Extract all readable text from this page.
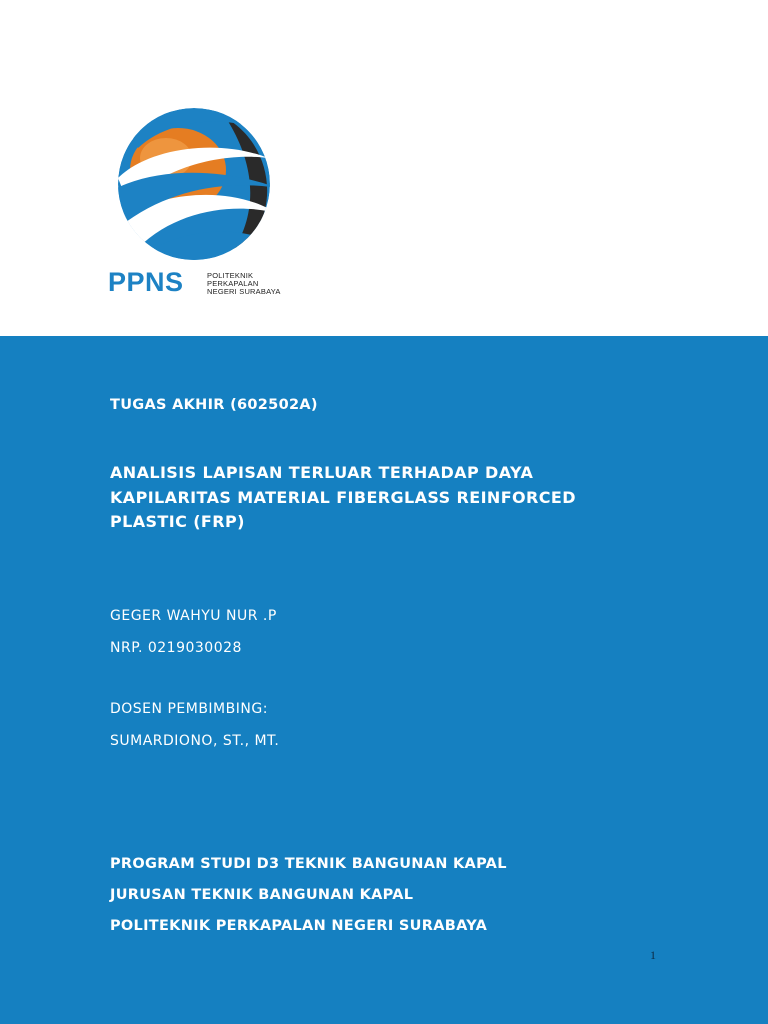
PPNS	POLITEKNIK
PERKAPALAN
NEGERI SURABAYA
TUGAS AKHIR (602502A)
ANALISIS LAPISAN TERLUAR TERHADAP DAYA KAPILARITAS MATERIAL FIBERGLASS REINFORCED PLASTIC (FRP)
GEGER WAHYU NUR .P
NRP. 0219030028
DOSEN PEMBIMBING:
SUMARDIONO, ST., MT.
PROGRAM STUDI D3 TEKNIK BANGUNAN KAPAL
JURUSAN TEKNIK BANGUNAN KAPAL
POLITEKNIK PERKAPALAN NEGERI SURABAYA
1
